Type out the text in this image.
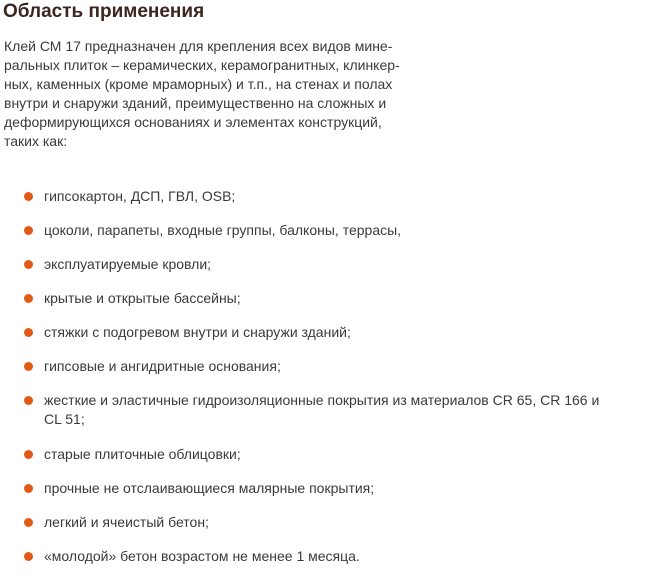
Область применения

Клей СМ 17 предназначен для крепления всех видов мине-
ральных плиток – керамических, керамогранитных, клинкер-
ных, каменных (кроме мраморных) и т.п., на стенах и полах
внутри и снаружи зданий, преимущественно на сложных и
деформирующихся основаниях и элементах конструкций,
таких как:

гипсокартон, ДСП, ГВЛ, OSB;
цоколи, парапеты, входные группы, балконы, террасы,
эксплуатируемые кровли;
крытые и открытые бассейны;
стяжки с подогревом внутри и снаружи зданий;
гипсовые и ангидритные основания;
жесткие и эластичные гидроизоляционные покрытия из материалов CR 65, CR 166 и
CL 51;
старые плиточные облицовки;
прочные не отслаивающиеся малярные покрытия;
легкий и ячеистый бетон;
«молодой» бетон возрастом не менее 1 месяца.
